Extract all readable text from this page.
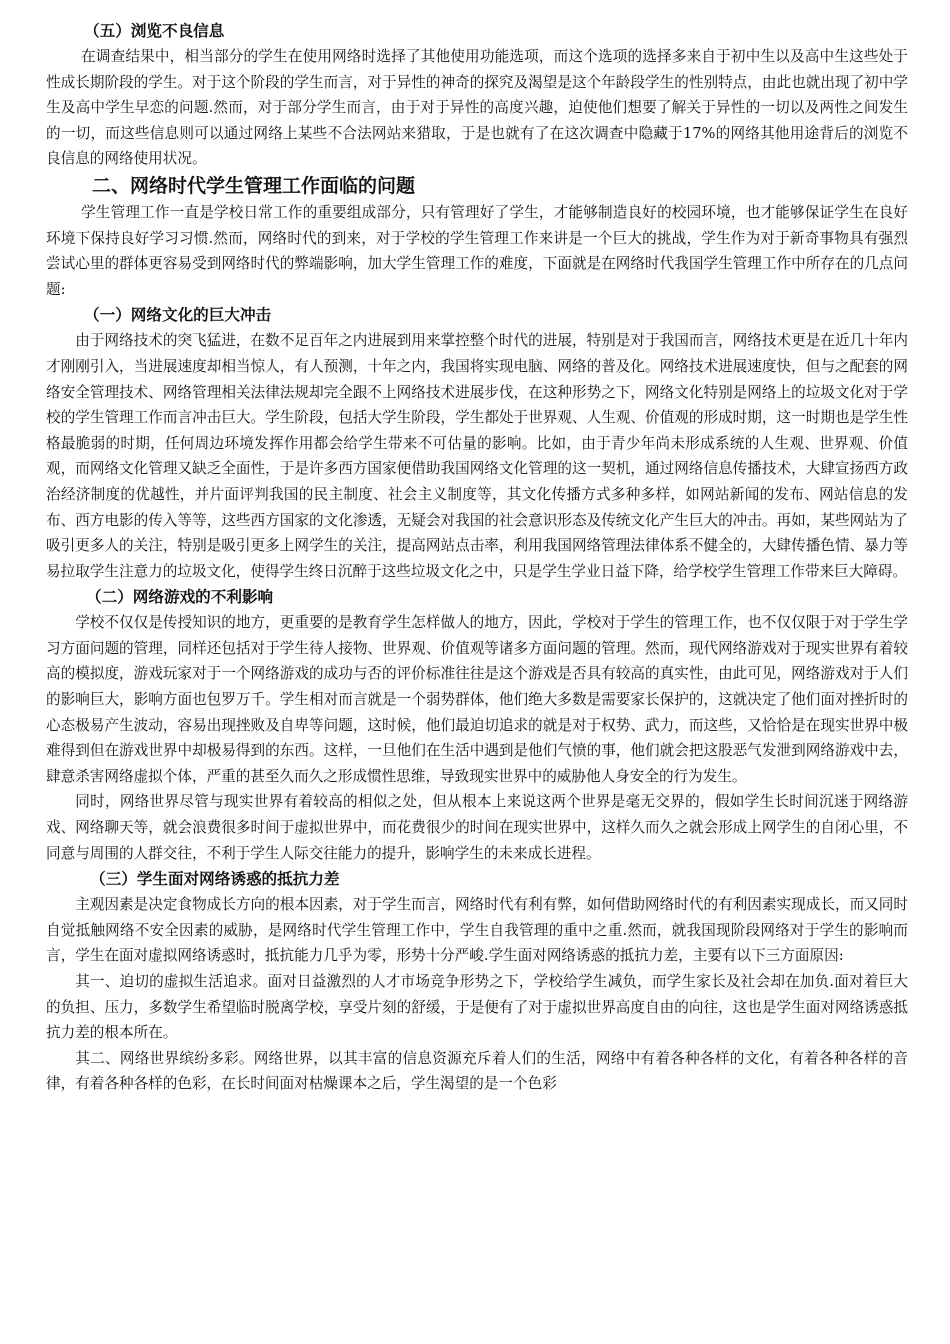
（五）浏览不良信息

在调查结果中，相当部分的学生在使用网络时选择了其他使用功能选项，而这个选项的选择多来自于初中生以及高中生这些处于性成长期阶段的学生。对于这个阶段的学生而言，对于异性的神奇的探究及渴望是这个年龄段学生的性别特点，由此也就出现了初中学生及高中学生早恋的问题.然而，对于部分学生而言，由于对于异性的高度兴趣，迫使他们想要了解关于异性的一切以及两性之间发生的一切，而这些信息则可以通过网络上某些不合法网站来猎取，于是也就有了在这次调查中隐藏于17%的网络其他用途背后的浏览不良信息的网络使用状况。

二、网络时代学生管理工作面临的问题

学生管理工作一直是学校日常工作的重要组成部分，只有管理好了学生，才能够制造良好的校园环境，也才能够保证学生在良好环境下保持良好学习习惯.然而，网络时代的到来，对于学校的学生管理工作来讲是一个巨大的挑战，学生作为对于新奇事物具有强烈尝试心里的群体更容易受到网络时代的弊端影响，加大学生管理工作的难度，下面就是在网络时代我国学生管理工作中所存在的几点问题:

（一）网络文化的巨大冲击

由于网络技术的突飞猛进，在数不足百年之内进展到用来掌控整个时代的进展，特别是对于我国而言，网络技术更是在近几十年内才刚刚引入，当进展速度却相当惊人，有人预测，十年之内，我国将实现电脑、网络的普及化。网络技术进展速度快，但与之配套的网络安全管理技术、网络管理相关法律法规却完全跟不上网络技术进展步伐，在这种形势之下，网络文化特别是网络上的垃圾文化对于学校的学生管理工作而言冲击巨大。学生阶段，包括大学生阶段，学生都处于世界观、人生观、价值观的形成时期，这一时期也是学生性格最脆弱的时期，任何周边环境发挥作用都会给学生带来不可估量的影响。比如，由于青少年尚未形成系统的人生观、世界观、价值观，而网络文化管理又缺乏全面性，于是许多西方国家便借助我国网络文化管理的这一契机，通过网络信息传播技术，大肆宣扬西方政治经济制度的优越性，并片面评判我国的民主制度、社会主义制度等，其文化传播方式多种多样，如网站新闻的发布、网站信息的发布、西方电影的传入等等，这些西方国家的文化渗透，无疑会对我国的社会意识形态及传统文化产生巨大的冲击。再如，某些网站为了吸引更多人的关注，特别是吸引更多上网学生的关注，提高网站点击率，利用我国网络管理法律体系不健全的，大肆传播色情、暴力等易拉取学生注意力的垃圾文化，使得学生终日沉醉于这些垃圾文化之中，只是学生学业日益下降，给学校学生管理工作带来巨大障碍。

（二）网络游戏的不利影响

学校不仅仅是传授知识的地方，更重要的是教育学生怎样做人的地方，因此，学校对于学生的管理工作，也不仅仅限于对于学生学习方面问题的管理，同样还包括对于学生待人接物、世界观、价值观等诸多方面问题的管理。然而，现代网络游戏对于现实世界有着较高的模拟度，游戏玩家对于一个网络游戏的成功与否的评价标准往往是这个游戏是否具有较高的真实性，由此可见，网络游戏对于人们的影响巨大，影响方面也包罗万千。学生相对而言就是一个弱势群体，他们绝大多数是需要家长保护的，这就决定了他们面对挫折时的心态极易产生波动，容易出现挫败及自卑等问题，这时候，他们最迫切追求的就是对于权势、武力，而这些，又恰恰是在现实世界中极难得到但在游戏世界中却极易得到的东西。这样，一旦他们在生活中遇到是他们气愤的事，他们就会把这股恶气发泄到网络游戏中去，肆意杀害网络虚拟个体，严重的甚至久而久之形成惯性思维，导致现实世界中的威胁他人身安全的行为发生。

同时，网络世界尽管与现实世界有着较高的相似之处，但从根本上来说这两个世界是毫无交界的，假如学生长时间沉迷于网络游戏、网络聊天等，就会浪费很多时间于虚拟世界中，而花费很少的时间在现实世界中，这样久而久之就会形成上网学生的自闭心里，不同意与周围的人群交往，不利于学生人际交往能力的提升，影响学生的未来成长进程。

（三）学生面对网络诱惑的抵抗力差

主观因素是决定食物成长方向的根本因素，对于学生而言，网络时代有利有弊，如何借助网络时代的有利因素实现成长，而又同时自觉抵触网络不安全因素的威胁，是网络时代学生管理工作中，学生自我管理的重中之重.然而，就我国现阶段网络对于学生的影响而言，学生在面对虚拟网络诱惑时，抵抗能力几乎为零，形势十分严峻.学生面对网络诱惑的抵抗力差，主要有以下三方面原因:

其一、迫切的虚拟生活追求。面对日益激烈的人才市场竞争形势之下，学校给学生减负，而学生家长及社会却在加负.面对着巨大的负担、压力，多数学生希望临时脱离学校，享受片刻的舒缓，于是便有了对于虚拟世界高度自由的向往，这也是学生面对网络诱惑抵抗力差的根本所在。

其二、网络世界缤纷多彩。网络世界，以其丰富的信息资源充斥着人们的生活，网络中有着各种各样的文化，有着各种各样的音律，有着各种各样的色彩，在长时间面对枯燥课本之后，学生渴望的是一个色彩
